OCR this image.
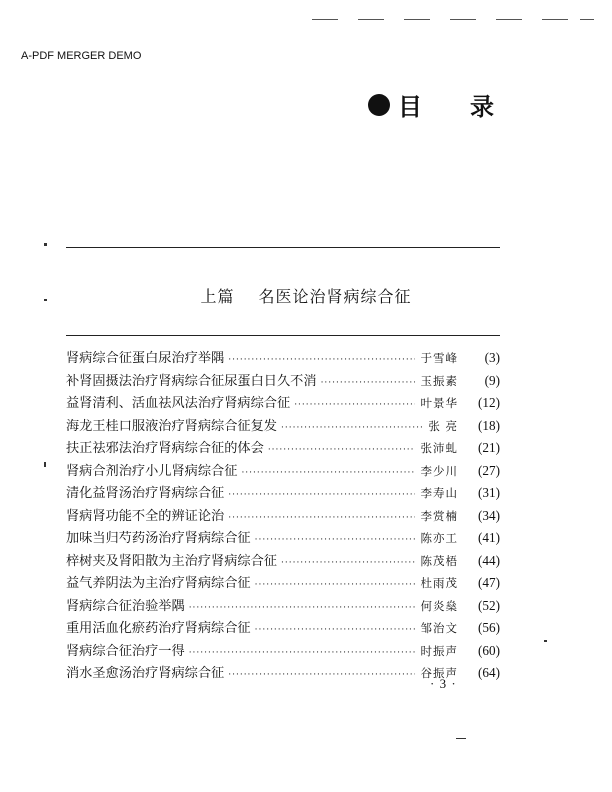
A-PDF MERGER DEMO
目 录
上篇 名医论治肾病综合征
肾病综合征蛋白尿治疗举隅 ·····	于雪峰	(3)
补肾固摄法治疗肾病综合征尿蛋白日久不消 ·····	玉振素	(9)
益肾清利、活血祛风法治疗肾病综合征 ·····	叶景华	(12)
海龙王桂口服液治疗肾病综合征复发 ·····	张 亮	(18)
扶正祛邪法治疗肾病综合征的体会 ·····	张沛虬	(21)
肾病合剂治疗小儿肾病综合征 ·····	李少川	(27)
清化益肾汤治疗肾病综合征 ·····	李寿山	(31)
肾病肾功能不全的辨证论治 ·····	李赏楠	(34)
加味当归芍药汤治疗肾病综合征 ·····	陈亦工	(41)
梓树夹及肾阳散为主治疗肾病综合征 ·····	陈茂梧	(44)
益气养阴法为主治疗肾病综合征 ·····	杜雨茂	(47)
肾病综合征治验举隅 ·····	何炎燊	(52)
重用活血化瘀药治疗肾病综合征 ·····	邹治文	(56)
肾病综合征治疗一得 ·····	时振声	(60)
消水圣愈汤治疗肾病综合征 ·····	谷振声	(64)
· 3 ·
